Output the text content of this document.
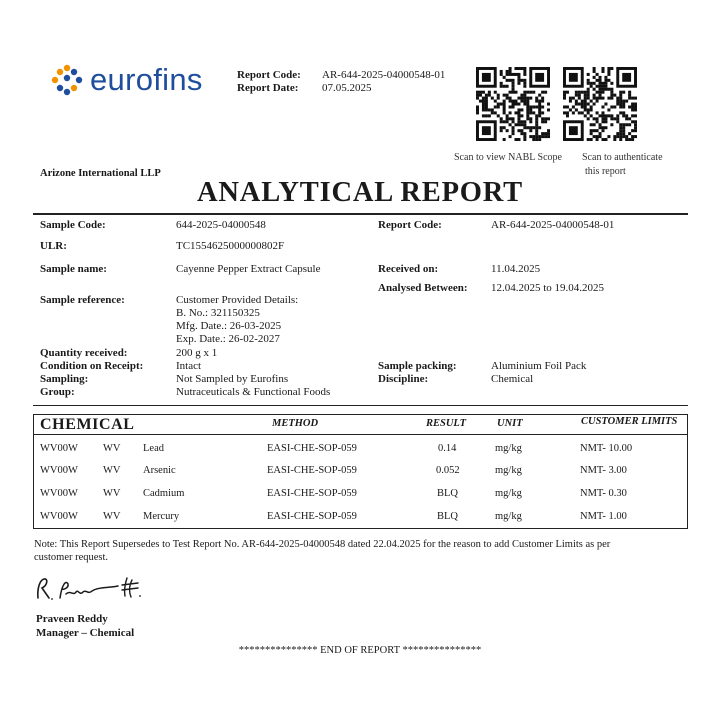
eurofins	Report Code: AR-644-2025-04000548-01
Report Date: 07.05.2025
Scan to view NABL Scope Scan to authenticate
this report
Arizone International LLP
ANALYTICAL REPORT
Sample Code:	644-2025-04000548	Report Code:	AR-644-2025-04000548-01
ULR:	TC1554625000000802F
Sample name:	Cayenne Pepper Extract Capsule	Received on:	11.04.2025
Analysed Between: 12.04.2025 to 19.04.2025
Sample reference:	Customer Provided Details:
B. No.: 321150325
Mfg. Date.: 26-03-2025
Exp. Date.: 26-02-2027
Quantity received:	200 g x 1
Condition on Receipt:	Intact	Sample packing:	Aluminium Foil Pack
Sampling:	Not Sampled by Eurofins	Discipline:	Chemical
Group:	Nutraceuticals & Functional Foods
CHEMICAL	METHOD	RESULT	UNIT	CUSTOMER LIMITS
WV00W WV Lead	EASI-CHE-SOP-059	0.14	mg/kg	NMT- 10.00
WV00W WV Arsenic	EASI-CHE-SOP-059	0.052	mg/kg	NMT- 3.00
WV00W WV Cadmium	EASI-CHE-SOP-059	BLQ	mg/kg	NMT- 0.30
WV00W WV Mercury	EASI-CHE-SOP-059	BLQ	mg/kg	NMT- 1.00
Note: This Report Supersedes to Test Report No. AR-644-2025-04000548 dated 22.04.2025 for the reason to add Customer Limits as per
customer request.
Praveen Reddy
Manager – Chemical
*************** END OF REPORT ***************
